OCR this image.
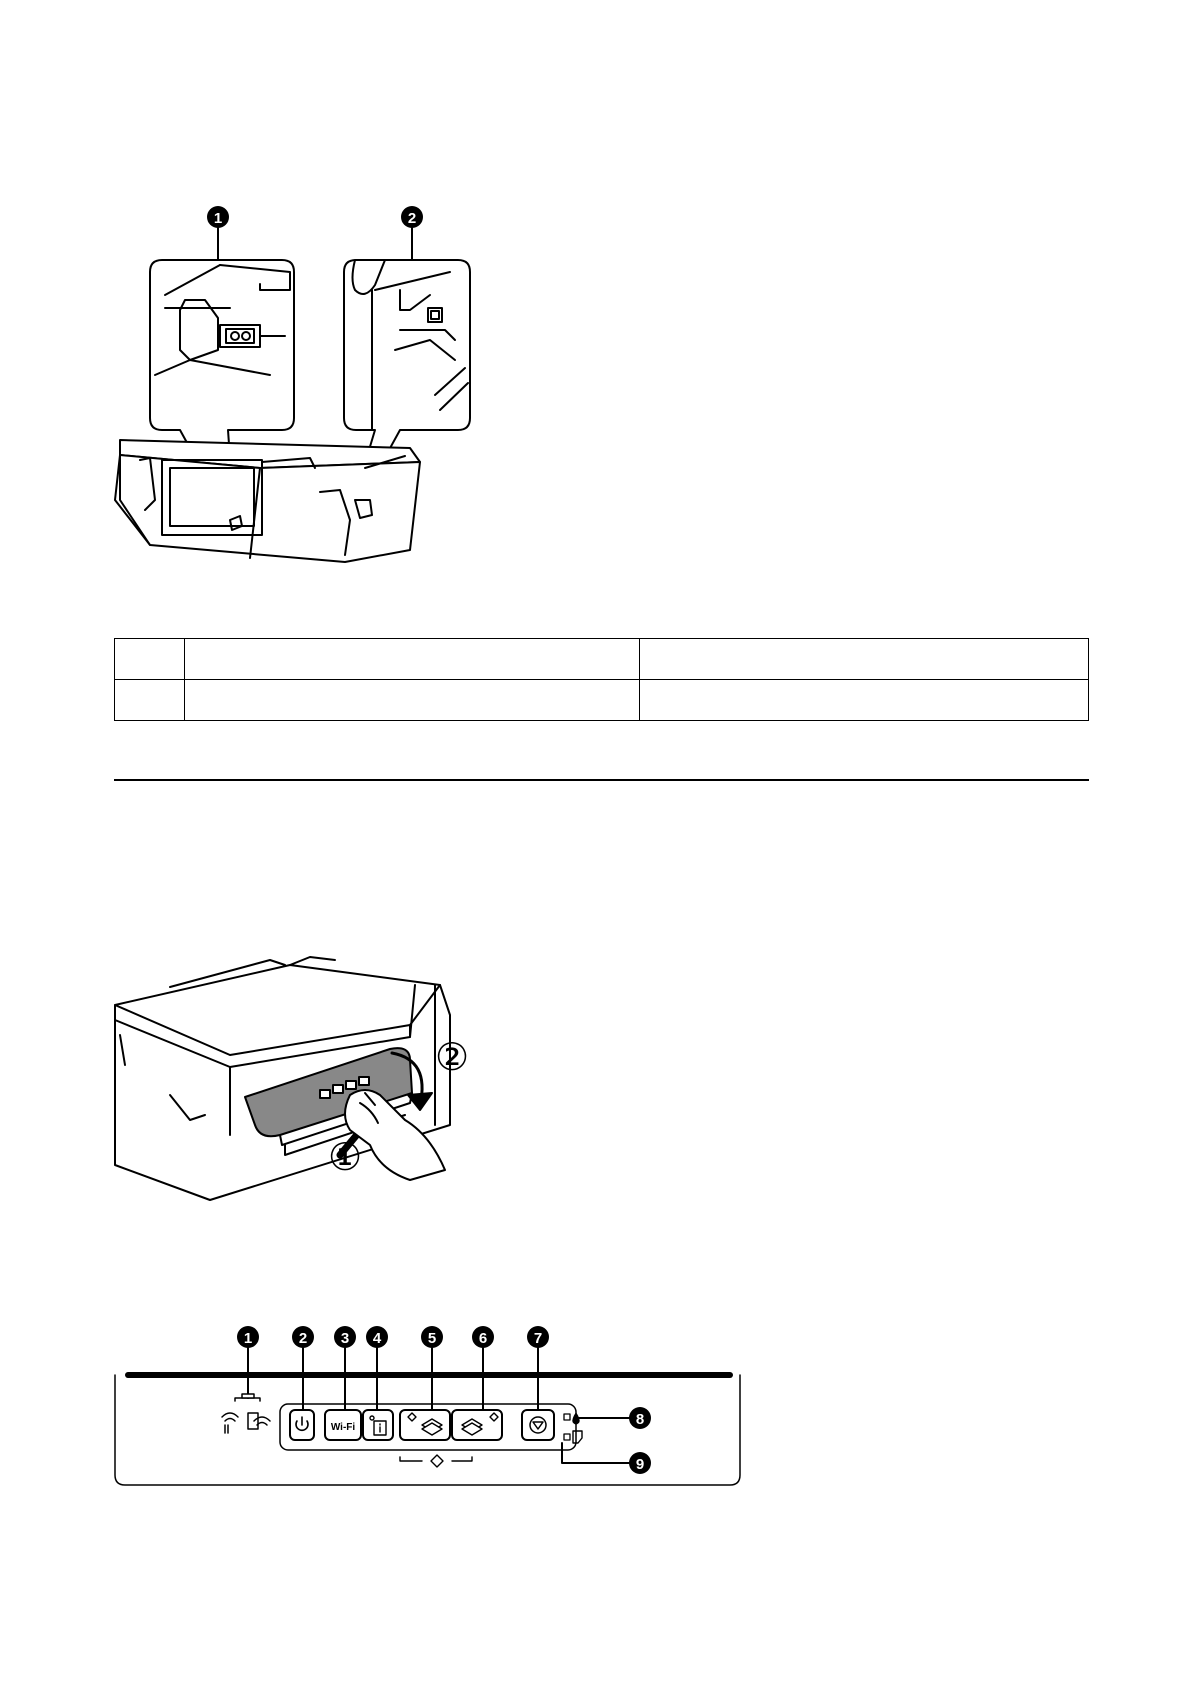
1	2

①
②
1	2 3 4	5	6	7
8
9
Wi-Fi
